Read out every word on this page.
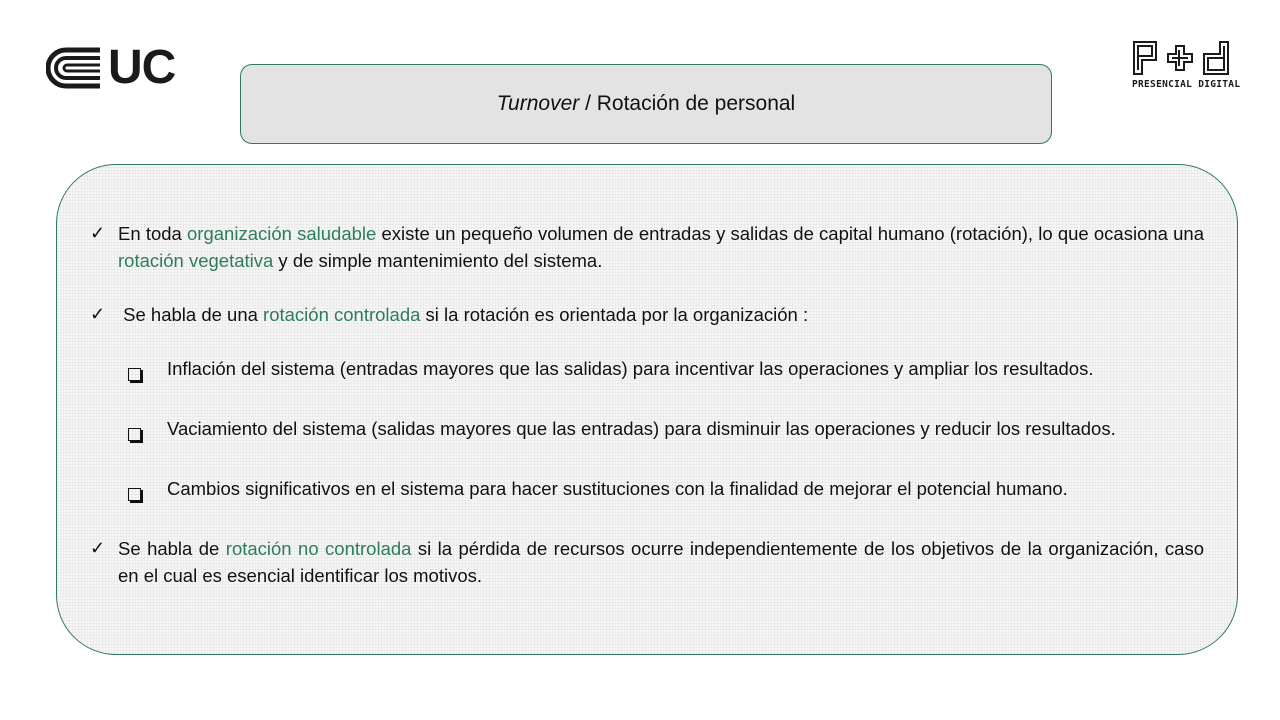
UC	PRESENCIAL DIGITAL
Turnover / Rotación de personal
✓ En toda organización saludable existe un pequeño volumen de entradas y salidas de capital humano (rotación), lo que ocasiona una rotación vegetativa y de simple mantenimiento del sistema.
✓ Se habla de una rotación controlada si la rotación es orientada por la organización :
Inflación del sistema (entradas mayores que las salidas) para incentivar las operaciones y ampliar los resultados.
Vaciamiento del sistema (salidas mayores que las entradas) para disminuir las operaciones y reducir los resultados.
Cambios significativos en el sistema para hacer sustituciones con la finalidad de mejorar el potencial humano.
✓ Se habla de rotación no controlada si la pérdida de recursos ocurre independientemente de los objetivos de la organización, caso en el cual es esencial identificar los motivos.
